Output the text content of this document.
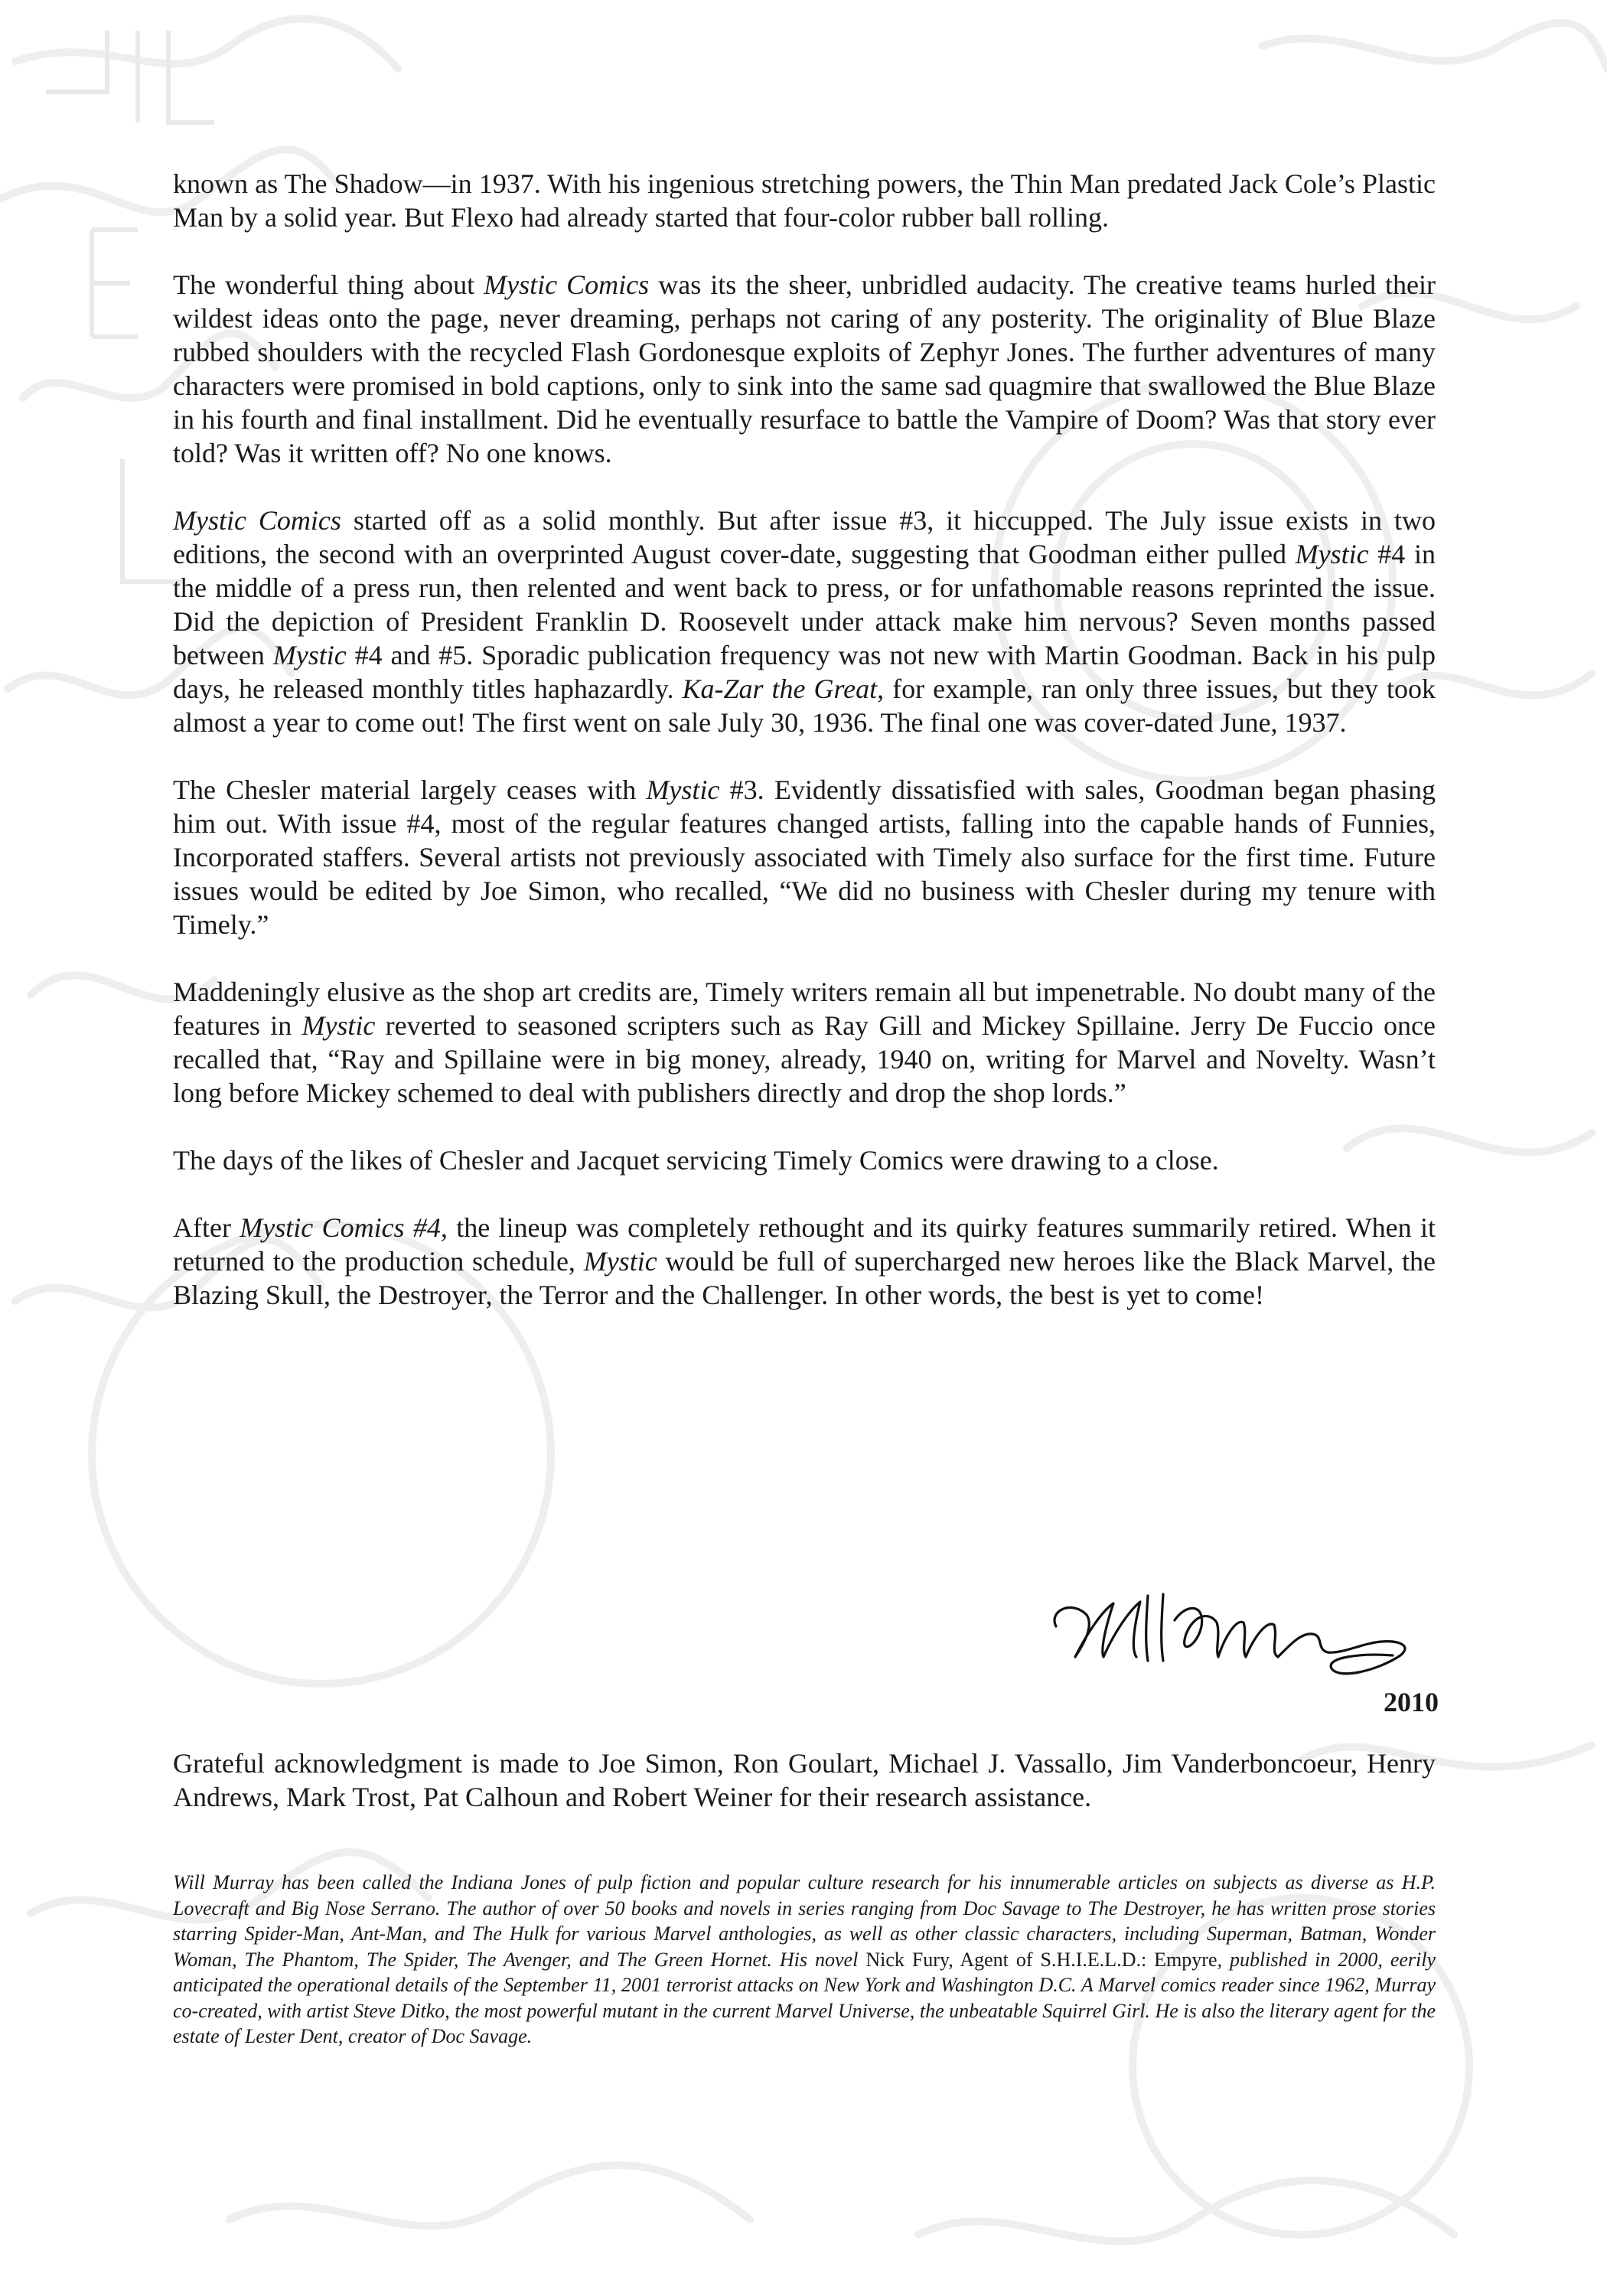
known as The Shadow—in 1937. With his ingenious stretching powers, the Thin Man predated Jack Cole’s Plastic Man by a solid year. But Flexo had already started that four-color rubber ball rolling.

The wonderful thing about Mystic Comics was its the sheer, unbridled audacity. The creative teams hurled their wildest ideas onto the page, never dreaming, perhaps not caring of any posterity. The originality of Blue Blaze rubbed shoulders with the recycled Flash Gordonesque exploits of Zephyr Jones. The further adventures of many characters were promised in bold captions, only to sink into the same sad quagmire that swallowed the Blue Blaze in his fourth and final installment. Did he eventually resurface to battle the Vampire of Doom? Was that story ever told? Was it written off? No one knows.

Mystic Comics started off as a solid monthly. But after issue #3, it hiccupped. The July issue exists in two editions, the second with an overprinted August cover-date, suggesting that Goodman either pulled Mystic #4 in the middle of a press run, then relented and went back to press, or for unfathomable reasons reprinted the issue. Did the depiction of President Franklin D. Roosevelt under attack make him nervous? Seven months passed between Mystic #4 and #5. Sporadic publication frequency was not new with Martin Goodman. Back in his pulp days, he released monthly titles haphazardly. Ka-Zar the Great, for example, ran only three issues, but they took almost a year to come out! The first went on sale July 30, 1936. The final one was cover-dated June, 1937.

The Chesler material largely ceases with Mystic #3. Evidently dissatisfied with sales, Goodman began phasing him out. With issue #4, most of the regular features changed artists, falling into the capable hands of Funnies, Incorporated staffers. Several artists not previously associated with Timely also surface for the first time. Future issues would be edited by Joe Simon, who recalled, “We did no business with Chesler during my tenure with Timely.”

Maddeningly elusive as the shop art credits are, Timely writers remain all but impenetrable. No doubt many of the features in Mystic reverted to seasoned scripters such as Ray Gill and Mickey Spillaine. Jerry De Fuccio once recalled that, “Ray and Spillaine were in big money, already, 1940 on, writing for Marvel and Novelty. Wasn’t long before Mickey schemed to deal with publishers directly and drop the shop lords.”

The days of the likes of Chesler and Jacquet servicing Timely Comics were drawing to a close.

After Mystic Comics #4, the lineup was completely rethought and its quirky features summarily retired. When it returned to the production schedule, Mystic would be full of supercharged new heroes like the Black Marvel, the Blazing Skull, the Destroyer, the Terror and the Challenger. In other words, the best is yet to come!

2010

Grateful acknowledgment is made to Joe Simon, Ron Goulart, Michael J. Vassallo, Jim Vanderboncoeur, Henry Andrews, Mark Trost, Pat Calhoun and Robert Weiner for their research assistance.

Will Murray has been called the Indiana Jones of pulp fiction and popular culture research for his innumerable articles on subjects as diverse as H.P. Lovecraft and Big Nose Serrano. The author of over 50 books and novels in series ranging from Doc Savage to The Destroyer, he has written prose stories starring Spider-Man, Ant-Man, and The Hulk for various Marvel anthologies, as well as other classic characters, including Superman, Batman, Wonder Woman, The Phantom, The Spider, The Avenger, and The Green Hornet. His novel Nick Fury, Agent of S.H.I.E.L.D.: Empyre, published in 2000, eerily anticipated the operational details of the September 11, 2001 terrorist attacks on New York and Washington D.C. A Marvel comics reader since 1962, Murray co-created, with artist Steve Ditko, the most powerful mutant in the current Marvel Universe, the unbeatable Squirrel Girl. He is also the literary agent for the estate of Lester Dent, creator of Doc Savage.
